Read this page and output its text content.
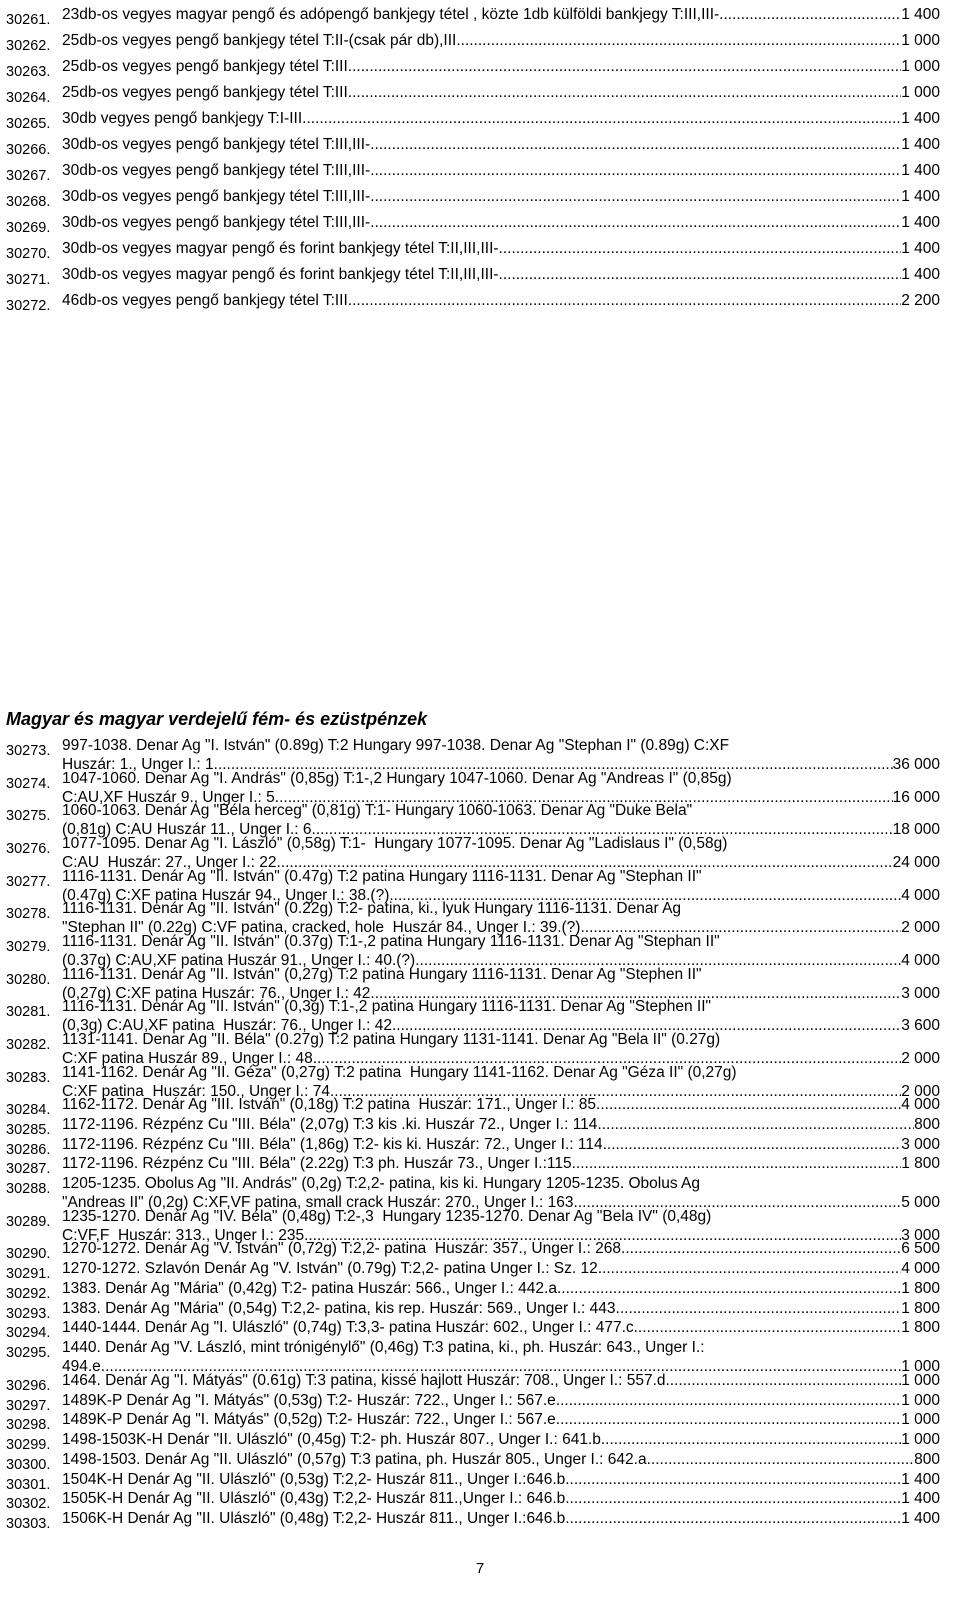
30261. 23db-os vegyes magyar pengő és adópengő bankjegy tétel , közte 1db külföldi bankjegy T:III,III- .....	1 400
30262. 25db-os vegyes pengő bankjegy tétel T:II-(csak pár db),III .....	1 000
30263. 25db-os vegyes pengő bankjegy tétel T:III .....	1 000
30264. 25db-os vegyes pengő bankjegy tétel T:III .....	1 000
30265. 30db vegyes pengő bankjegy T:I-III .....	1 400
30266. 30db-os vegyes pengő bankjegy tétel T:III,III- .....	1 400
30267. 30db-os vegyes pengő bankjegy tétel T:III,III- .....	1 400
30268. 30db-os vegyes pengő bankjegy tétel T:III,III- .....	1 400
30269. 30db-os vegyes pengő bankjegy tétel T:III,III- .....	1 400
30270. 30db-os vegyes magyar pengő és forint bankjegy tétel T:II,III,III- .....	1 400
30271. 30db-os vegyes magyar pengő és forint bankjegy tétel T:II,III,III- .....	1 400
30272. 46db-os vegyes pengő bankjegy tétel T:III .....	2 200
Magyar és magyar verdejelű fém- és ezüstpénzek
30273. 997-1038. Denar Ag "I. István" (0.89g) T:2 Hungary 997-1038. Denar Ag "Stephan I" (0.89g) C:XF
Huszár: 1., Unger I.: 1. .....	36 000
30274. 1047-1060. Denar Ag "I. András" (0,85g) T:1-,2 Hungary 1047-1060. Denar Ag "Andreas I" (0,85g)
C:AU,XF Huszár 9., Unger I.: 5. .....	16 000
30275. 1060-1063. Denár Ag "Béla herceg" (0,81g) T:1- Hungary 1060-1063. Denar Ag "Duke Bela"
(0,81g) C:AU Huszár 11., Unger I.: 6. .....	18 000
30276. 1077-1095. Denar Ag "I. László" (0,58g) T:1-  Hungary 1077-1095. Denar Ag "Ladislaus I" (0,58g)
C:AU  Huszár: 27., Unger I.: 22. .....	24 000
30277. 1116-1131. Denár Ag "II. István" (0.47g) T:2 patina Hungary 1116-1131. Denar Ag "Stephan II"
(0.47g) C:XF patina Huszár 94., Unger I.: 38.(?) .....	4 000
30278. 1116-1131. Denár Ag "II. István" (0.22g) T:2- patina, ki., lyuk Hungary 1116-1131. Denar Ag
"Stephan II" (0.22g) C:VF patina, cracked, hole  Huszár 84., Unger I.: 39.(?) .....	2 000
30279. 1116-1131. Denár Ag "II. István" (0.37g) T:1-,2 patina Hungary 1116-1131. Denar Ag "Stephan II"
(0.37g) C:AU,XF patina Huszár 91., Unger I.: 40.(?) .....	4 000
30280. 1116-1131. Denár Ag "II. István" (0,27g) T:2 patina Hungary 1116-1131. Denar Ag "Stephen II"
(0,27g) C:XF patina Huszár: 76., Unger I.: 42. .....	3 000
30281. 1116-1131. Denár Ag "II. István" (0,3g) T:1-,2 patina Hungary 1116-1131. Denar Ag "Stephen II"
(0,3g) C:AU,XF patina  Huszár: 76., Unger I.: 42. .....	3 600
30282. 1131-1141. Denar Ag "II. Béla" (0.27g) T:2 patina Hungary 1131-1141. Denar Ag "Bela II" (0.27g)
C:XF patina Huszár 89., Unger I.: 48. .....	2 000
30283. 1141-1162. Denár Ag "II. Géza" (0,27g) T:2 patina  Hungary 1141-1162. Denar Ag "Géza II" (0,27g)
C:XF patina  Huszár: 150., Unger I.: 74. .....	2 000
30284. 1162-1172. Denár Ag "III. István" (0,18g) T:2 patina  Huszár: 171., Unger I.: 85. .....	4 000
30285. 1172-1196. Rézpénz Cu "III. Béla" (2,07g) T:3 kis .ki. Huszár 72., Unger I.: 114. .....	800
30286. 1172-1196. Rézpénz Cu "III. Béla" (1,86g) T:2- kis ki. Huszár: 72., Unger I.: 114. .....	3 000
30287. 1172-1196. Rézpénz Cu "III. Béla" (2.22g) T:3 ph. Huszár 73., Unger I.:115. .....	1 800
30288. 1205-1235. Obolus Ag "II. András" (0,2g) T:2,2- patina, kis ki. Hungary 1205-1235. Obolus Ag
"Andreas II" (0,2g) C:XF,VF patina, small crack Huszár: 270., Unger I.: 163. .....	5 000
30289. 1235-1270. Denár Ag "IV. Béla" (0,48g) T:2-,3  Hungary 1235-1270. Denar Ag "Bela IV" (0,48g)
C:VF,F  Huszár: 313., Unger I.: 235. .....	3 000
30290. 1270-1272. Denár Ag "V. István" (0,72g) T:2,2- patina  Huszár: 357., Unger I.: 268. .....	6 500
30291. 1270-1272. Szlavón Denár Ag "V. István" (0.79g) T:2,2- patina Unger I.: Sz. 12. .....	4 000
30292. 1383. Denár Ag "Mária" (0,42g) T:2- patina Huszár: 566., Unger I.: 442.a .....	1 800
30293. 1383. Denár Ag "Mária" (0,54g) T:2,2- patina, kis rep. Huszár: 569., Unger I.: 443. .....	1 800
30294. 1440-1444. Denár Ag "I. Ulászló" (0,74g) T:3,3- patina Huszár: 602., Unger I.: 477.c .....	1 800
30295. 1440. Denár Ag "V. László, mint trónigénylő" (0,46g) T:3 patina, ki., ph. Huszár: 643., Unger I.:
494.e .....	1 000
30296. 1464. Denár Ag "I. Mátyás" (0.61g) T:3 patina, kissé hajlott Huszár: 708., Unger I.: 557.d .....	1 000
30297. 1489K-P Denár Ag "I. Mátyás" (0,53g) T:2- Huszár: 722., Unger I.: 567.e .....	1 000
30298. 1489K-P Denár Ag "I. Mátyás" (0,52g) T:2- Huszár: 722., Unger I.: 567.e .....	1 000
30299. 1498-1503K-H Denár "II. Ulászló" (0,45g) T:2- ph. Huszár 807., Unger I.: 641.b .....	1 000
30300. 1498-1503. Denár Ag "II. Ulászló" (0,57g) T:3 patina, ph. Huszár 805., Unger I.: 642.a .....	800
30301. 1504K-H Denár Ag "II. Ulászló" (0,53g) T:2,2- Huszár 811., Unger I.:646.b .....	1 400
30302. 1505K-H Denár Ag "II. Ulászló" (0,43g) T:2,2- Huszár 811.,Unger I.: 646.b .....	1 400
30303. 1506K-H Denár Ag "II. Ulászló" (0,48g) T:2,2- Huszár 811., Unger I.:646.b .....	1 400
7
